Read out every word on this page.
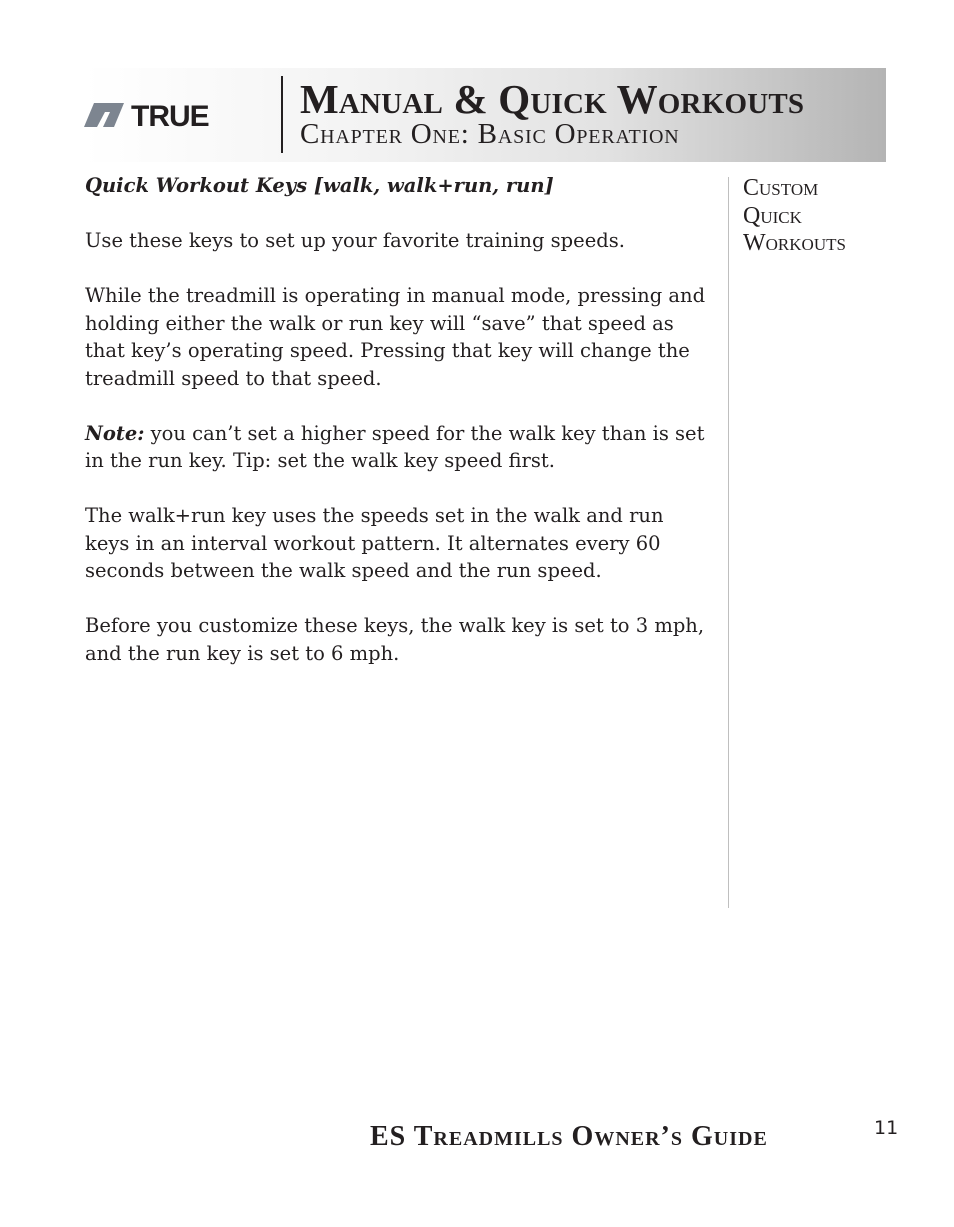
TRUE Manual & Quick Workouts
Chapter One: Basic Operation

Quick Workout Keys [walk, walk+run, run]

Use these keys to set up your favorite training speeds.

While the treadmill is operating in manual mode, pressing and holding either the walk or run key will “save” that speed as that key’s operating speed. Pressing that key will change the treadmill speed to that speed.

Note: you can’t set a higher speed for the walk key than is set in the run key. Tip: set the walk key speed first.

The walk+run key uses the speeds set in the walk and run keys in an interval workout pattern. It alternates every 60 seconds between the walk speed and the run speed.

Before you customize these keys, the walk key is set to 3 mph, and the run key is set to 6 mph.

Custom
Quick
Workouts
ES Treadmills Owner’s Guide	11
